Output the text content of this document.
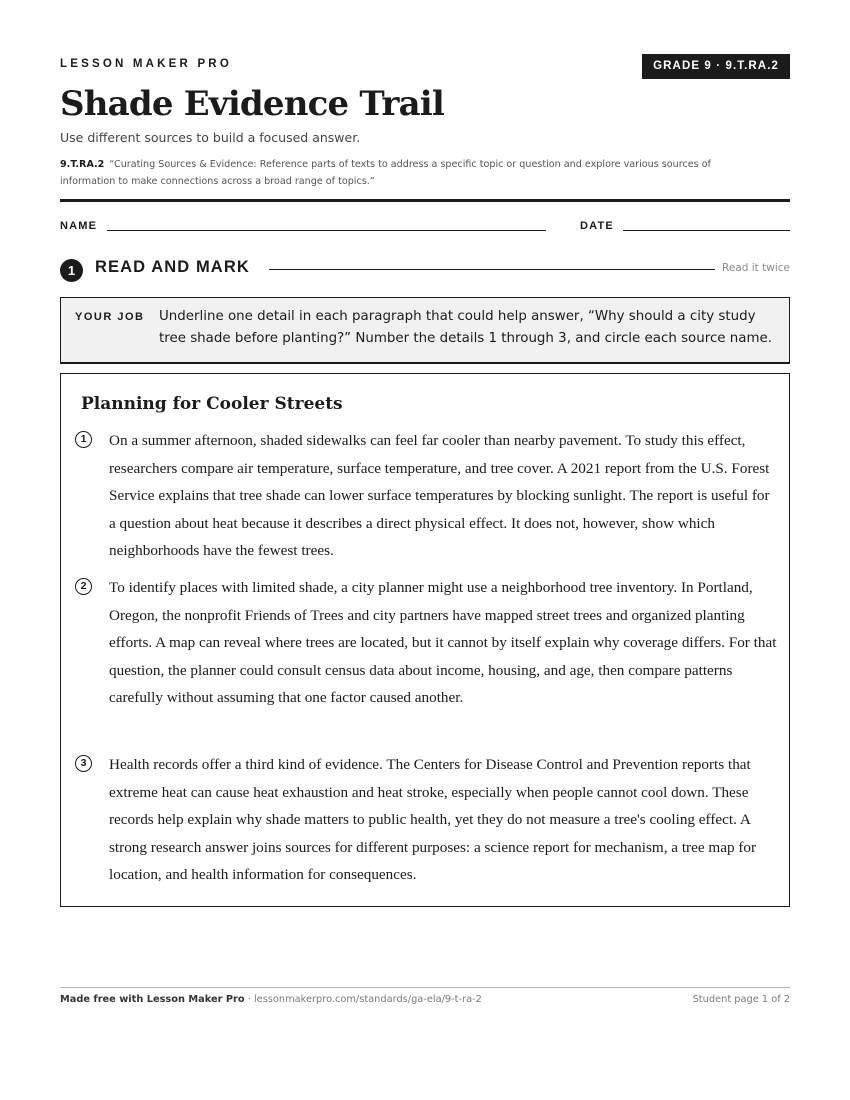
LESSON MAKER PRO	GRADE 9 · 9.T.RA.2
Shade Evidence Trail
Use different sources to build a focused answer.
9.T.RA.2 “Curating Sources & Evidence: Reference parts of texts to address a specific topic or question and explore various sources of information to make connections across a broad range of topics.”
NAME	DATE
1	READ AND MARK	Read it twice
YOUR JOB Underline one detail in each paragraph that could help answer, “Why should a city study tree shade before planting?” Number the details 1 through 3, and circle each source name.
Planning for Cooler Streets
1	On a summer afternoon, shaded sidewalks can feel far cooler than nearby pavement. To study this effect, researchers compare air temperature, surface temperature, and tree cover. A 2021 report from the U.S. Forest Service explains that tree shade can lower surface temperatures by blocking sunlight. The report is useful for a question about heat because it describes a direct physical effect. It does not, however, show which neighborhoods have the fewest trees.
2	To identify places with limited shade, a city planner might use a neighborhood tree inventory. In Portland, Oregon, the nonprofit Friends of Trees and city partners have mapped street trees and organized planting efforts. A map can reveal where trees are located, but it cannot by itself explain why coverage differs. For that question, the planner could consult census data about income, housing, and age, then compare patterns carefully without assuming that one factor caused another.
3	Health records offer a third kind of evidence. The Centers for Disease Control and Prevention reports that extreme heat can cause heat exhaustion and heat stroke, especially when people cannot cool down. These records help explain why shade matters to public health, yet they do not measure a tree's cooling effect. A strong research answer joins sources for different purposes: a science report for mechanism, a tree map for location, and health information for consequences.
Made free with Lesson Maker Pro · lessonmakerpro.com/standards/ga-ela/9-t-ra-2	Student page 1 of 2
